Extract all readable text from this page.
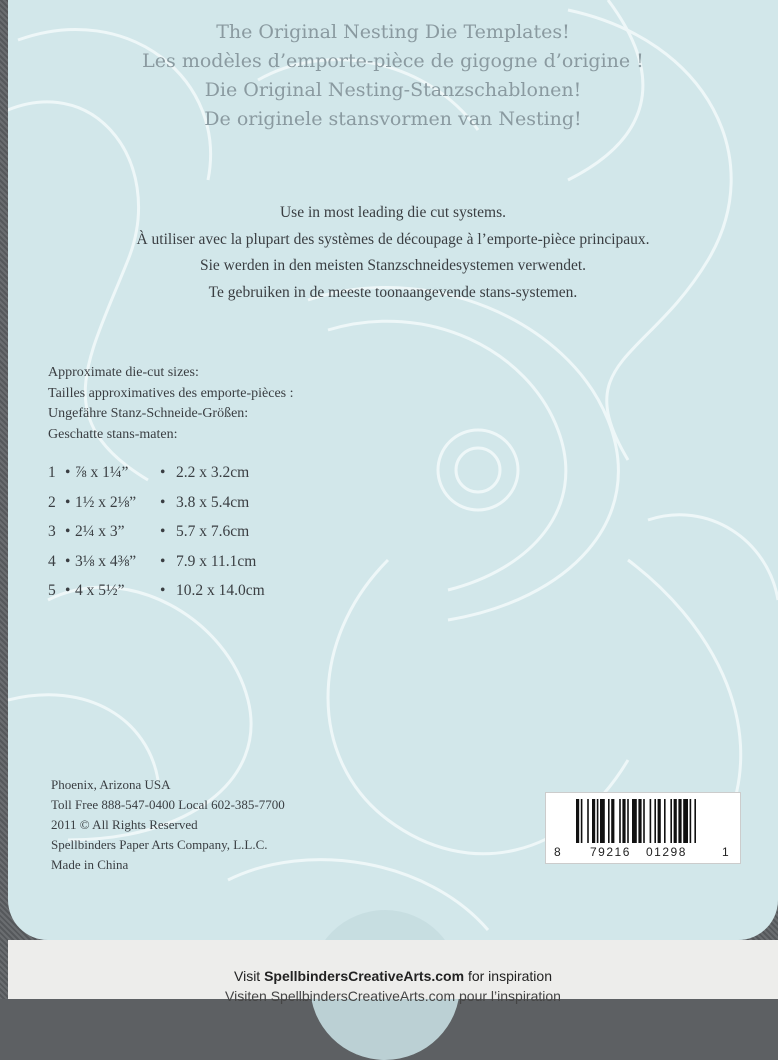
The Original Nesting Die Templates!
Les modèles d’emporte-pièce de gigogne d’origine !
Die Original Nesting-Stanzschablonen!
De originele stansvormen van Nesting!
Use in most leading die cut systems.
À utiliser avec la plupart des systèmes de découpage à l’emporte-pièce principaux.
Sie werden in den meisten Stanzschneidesystemen verwendet.
Te gebruiken in de meeste toonaangevende stans-systemen.
Approximate die-cut sizes:
Tailles approximatives des emporte-pièces :
Ungefähre Stanz-Schneide-Größen:
Geschatte stans-maten:
1 • ⅞ x 1¼” • 2.2 x 3.2cm
2 • 1½ x 2⅛” • 3.8 x 5.4cm
3 • 2¼ x 3” • 5.7 x 7.6cm
4 • 3⅛ x 4⅜” • 7.9 x 11.1cm
5 • 4 x 5½” • 10.2 x 14.0cm
Phoenix, Arizona USA
Toll Free 888-547-0400 Local 602-385-7700
2011 © All Rights Reserved
Spellbinders Paper Arts Company, L.L.C.
Made in China
8 79216 01298	1
Visit SpellbindersCreativeArts.com for inspiration
Visiten SpellbindersCreativeArts.com pour l’inspiration
